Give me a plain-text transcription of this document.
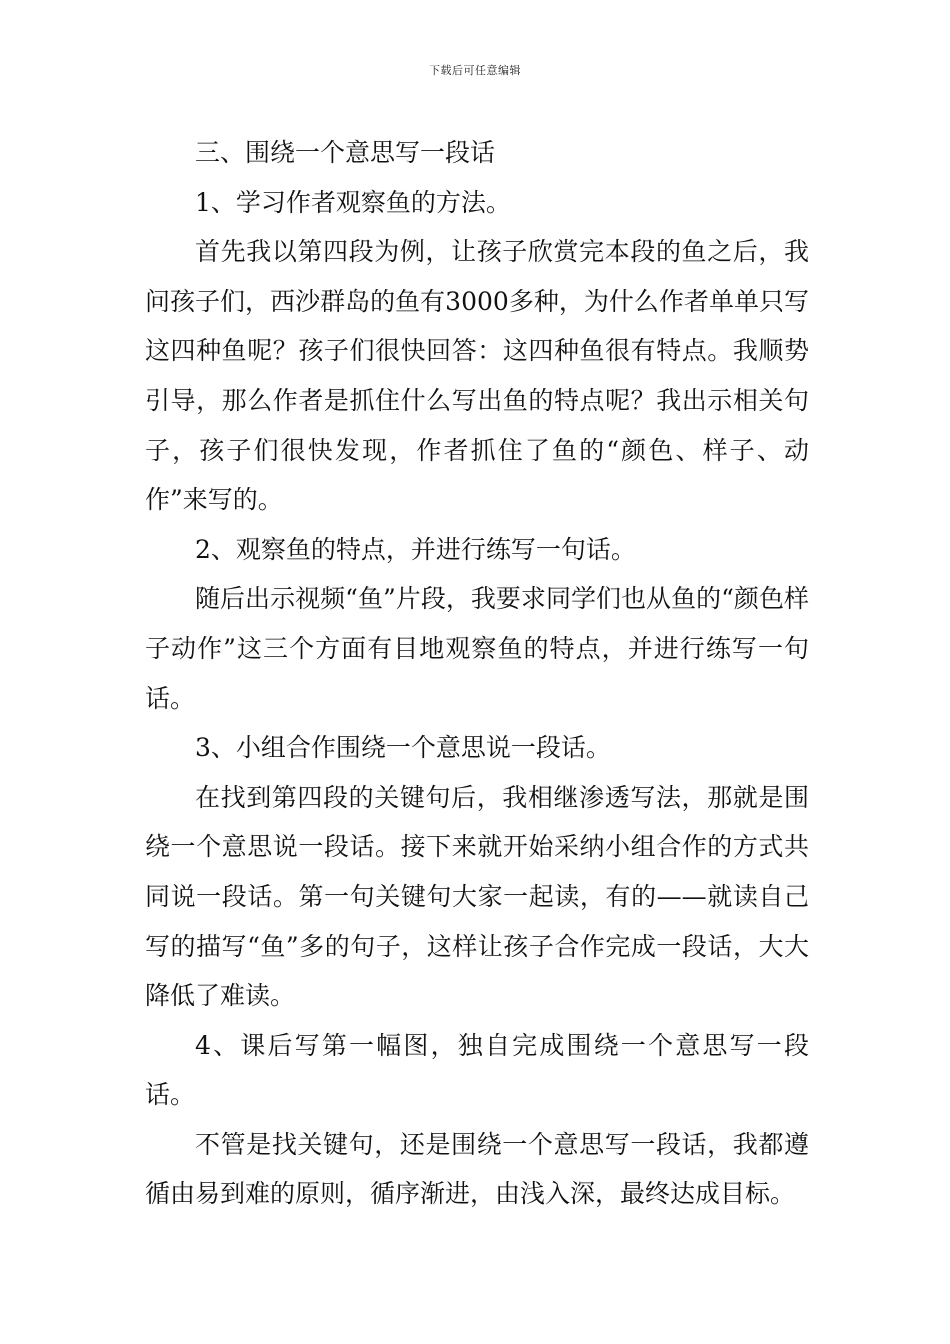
下载后可任意编辑

三、围绕一个意思写一段话

1、学习作者观察鱼的方法。

首先我以第四段为例，让孩子欣赏完本段的鱼之后，我问孩子们，西沙群岛的鱼有3000多种，为什么作者单单只写这四种鱼呢？孩子们很快回答：这四种鱼很有特点。我顺势引导，那么作者是抓住什么写出鱼的特点呢？我出示相关句子，孩子们很快发现，作者抓住了鱼的“颜色、样子、动作”来写的。

2、观察鱼的特点，并进行练写一句话。

随后出示视频“鱼”片段，我要求同学们也从鱼的“颜色样子动作”这三个方面有目地观察鱼的特点，并进行练写一句话。

3、小组合作围绕一个意思说一段话。

在找到第四段的关键句后，我相继渗透写法，那就是围绕一个意思说一段话。接下来就开始采纳小组合作的方式共同说一段话。第一句关键句大家一起读，有的——就读自己写的描写“鱼”多的句子，这样让孩子合作完成一段话，大大降低了难读。

4、课后写第一幅图，独自完成围绕一个意思写一段话。

不管是找关键句，还是围绕一个意思写一段话，我都遵循由易到难的原则，循序渐进，由浅入深，最终达成目标。
